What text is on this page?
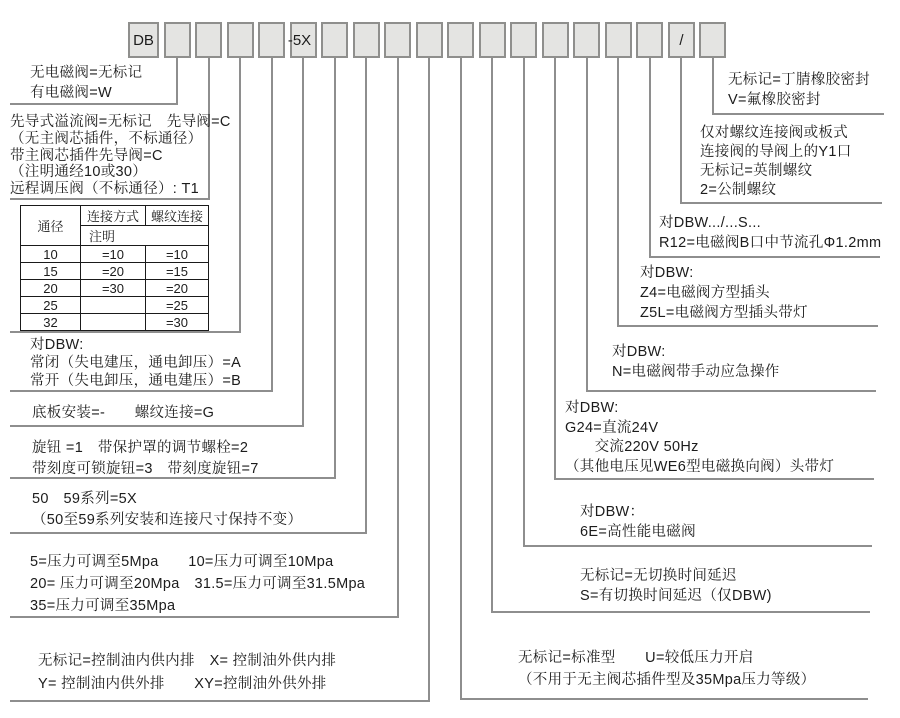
DB	-5X	/
无电磁阀=无标记
有电磁阀=W
先导式溢流阀=无标记　先导阀=C
（无主阀芯插件，不标通径）
带主阀芯插件先导阀=C
（注明通经10或30）
远程调压阀（不标通径）: T1
通径	连接方式	螺纹连接
	注明	
10	=10	=10
15	=20	=15
20	=30	=20
25		=25
32		=30
对DBW:
常闭（失电建压，通电卸压）=A
常开（失电卸压，通电建压）=B
底板安装=-　　螺纹连接=G
旋钮 =1　带保护罩的调节螺栓=2
带刻度可锁旋钮=3　带刻度旋钮=7
50　59系列=5X
（50至59系列安装和连接尺寸保持不变）
5=压力可调至5Mpa　　10=压力可调至10Mpa
20= 压力可调至20Mpa　31.5=压力可调至31.5Mpa
35=压力可调至35Mpa
无标记=控制油内供内排　X= 控制油外供内排
Y= 控制油内供外排　　XY=控制油外供外排
无标记=丁腈橡胶密封
V=氟橡胶密封
仅对螺纹连接阀或板式
连接阀的导阀上的Y1口
无标记=英制螺纹
2=公制螺纹
对DBW.../...S...
R12=电磁阀B口中节流孔Φ1.2mm
对DBW:
Z4=电磁阀方型插头
Z5L=电磁阀方型插头带灯
对DBW:
N=电磁阀带手动应急操作
对DBW:
G24=直流24V
　　交流220V 50Hz
（其他电压见WE6型电磁换向阀）头带灯
对DBW：
6E=高性能电磁阀
无标记=无切换时间延迟
S=有切换时间延迟（仅DBW)
无标记=标准型　　U=较低压力开启
（不用于无主阀芯插件型及35Mpa压力等级）
